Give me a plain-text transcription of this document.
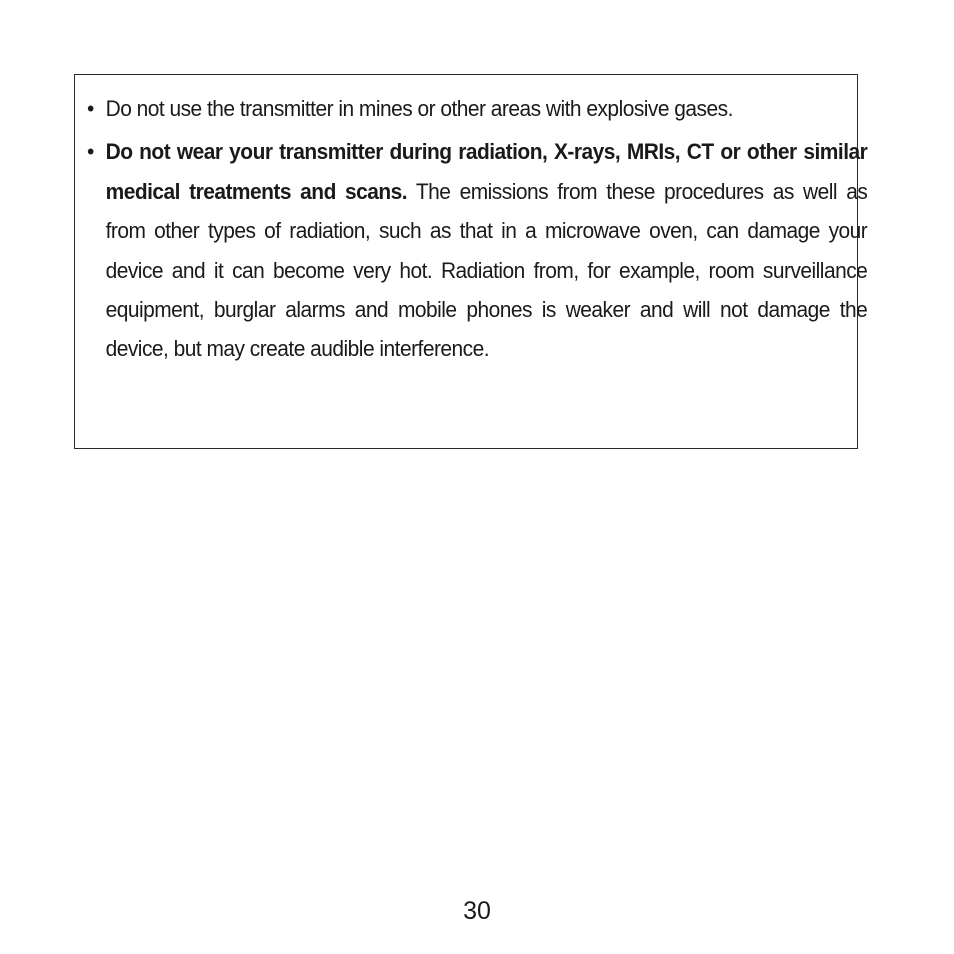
• Do not use the transmitter in mines or other areas with explosive gases.
• Do not wear your transmitter during radiation, X-rays, MRIs, CT or other similar medical treatments and scans. The emissions from these procedures as well as from other types of radiation, such as that in a microwave oven, can damage your device and it can become very hot. Radiation from, for example, room surveillance equipment, burglar alarms and mobile phones is weaker and will not damage the device, but may create audible interference.
30
